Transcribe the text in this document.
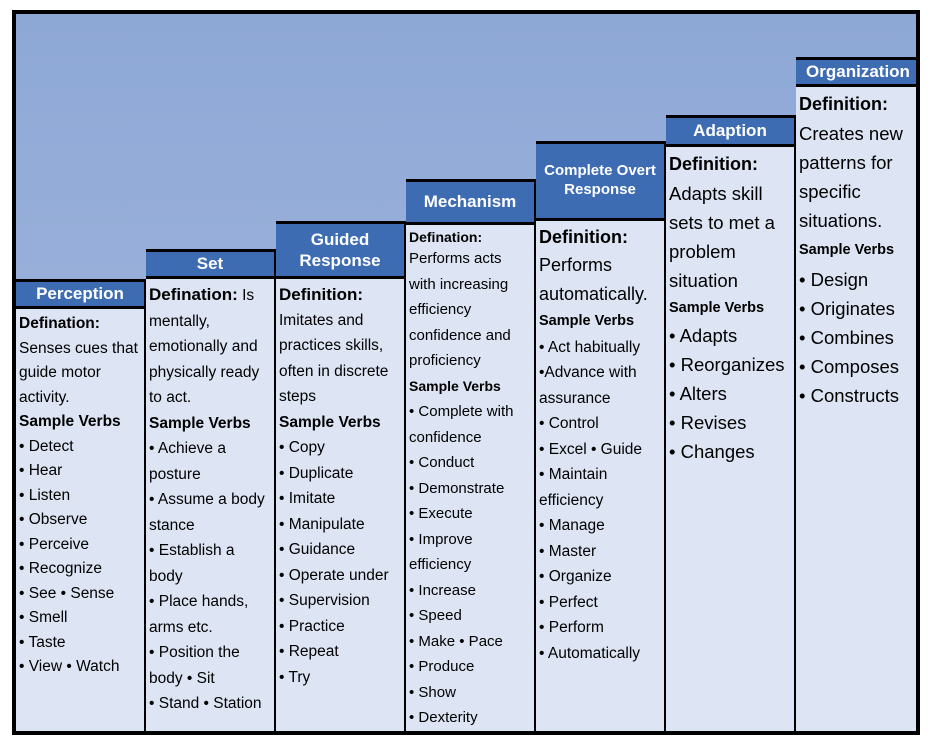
Perception
Defination:
Senses cues that guide motor activity.
Sample Verbs
• Detect
• Hear
• Listen
• Observe
• Perceive
• Recognize
• See • Sense
• Smell
• Taste
• View • Watch
Set
Defination: Is mentally, emotionally and physically ready to act.
Sample Verbs
• Achieve a posture
• Assume a body stance
• Establish a body
• Place hands, arms etc.
• Position the body • Sit
• Stand • Station
Guided Response
Definition:
Imitates and practices skills, often in discrete steps
Sample Verbs
• Copy
• Duplicate
• Imitate
• Manipulate
• Guidance
• Operate under
• Supervision
• Practice
• Repeat
• Try
Mechanism
Defination:
Performs acts with increasing efficiency confidence and proficiency
Sample Verbs
• Complete with confidence
• Conduct
• Demonstrate
• Execute
• Improve efficiency
• Increase
• Speed
• Make • Pace
• Produce
• Show
• Dexterity
Complete Overt Response
Definition:
Performs automatically.
Sample Verbs
• Act habitually
•Advance with assurance
• Control
• Excel • Guide
• Maintain efficiency
• Manage
• Master
• Organize
• Perfect
• Perform
• Automatically
Adaption
Definition:
Adapts skill sets to met a problem situation
Sample Verbs
• Adapts
• Reorganizes
• Alters
• Revises
• Changes
Organization
Definition:
Creates new patterns for specific situations.
Sample Verbs
• Design
• Originates
• Combines
• Composes
• Constructs
